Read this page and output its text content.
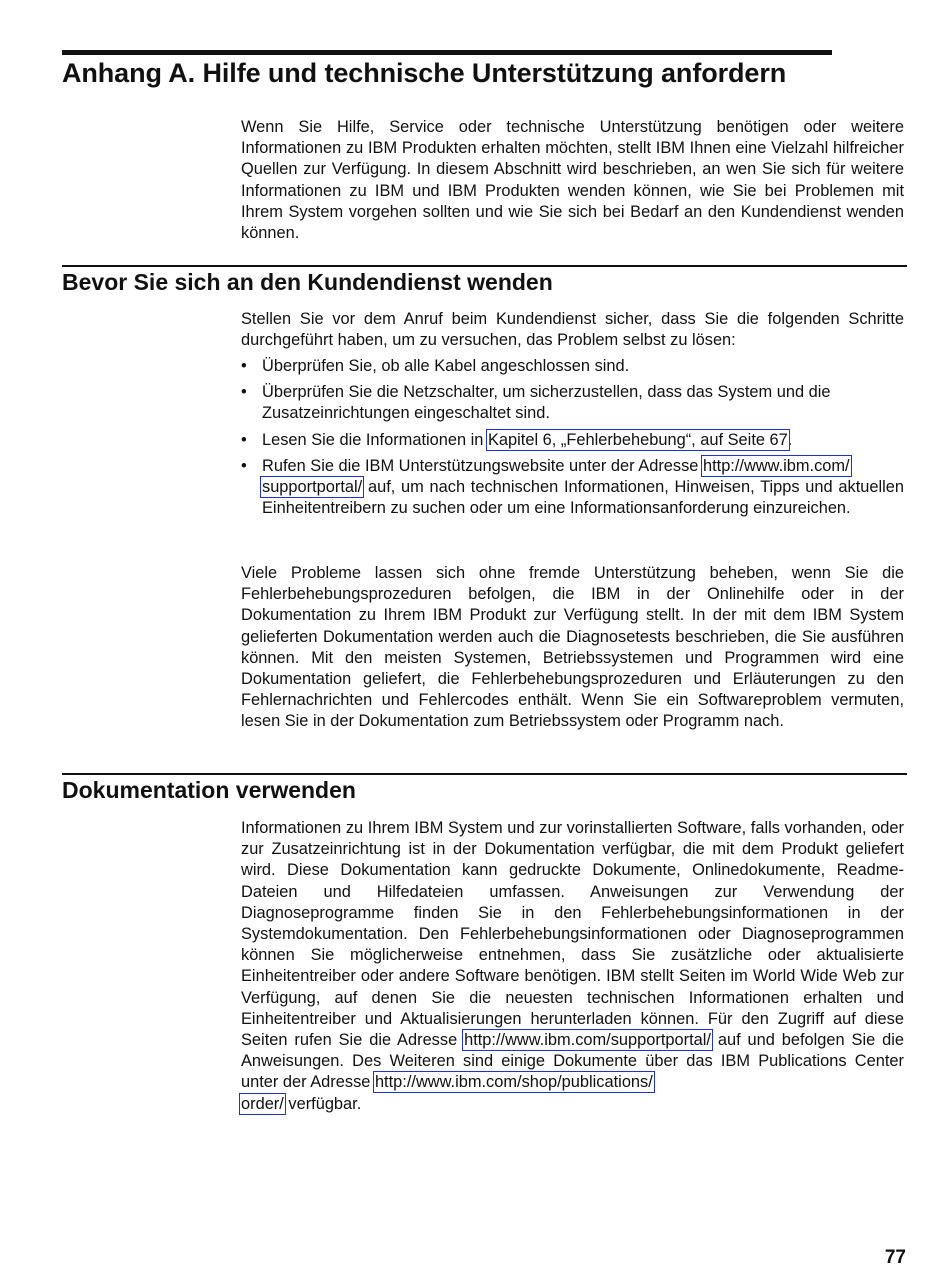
Anhang A. Hilfe und technische Unterstützung anfordern

Wenn Sie Hilfe, Service oder technische Unterstützung benötigen oder weitere Informationen zu IBM Produkten erhalten möchten, stellt IBM Ihnen eine Vielzahl hilfreicher Quellen zur Verfügung. In diesem Abschnitt wird beschrieben, an wen Sie sich für weitere Informationen zu IBM und IBM Produkten wenden können, wie Sie bei Problemen mit Ihrem System vorgehen sollten und wie Sie sich bei Bedarf an den Kundendienst wenden können.

Bevor Sie sich an den Kundendienst wenden

Stellen Sie vor dem Anruf beim Kundendienst sicher, dass Sie die folgenden Schritte durchgeführt haben, um zu versuchen, das Problem selbst zu lösen:

• Überprüfen Sie, ob alle Kabel angeschlossen sind.
• Überprüfen Sie die Netzschalter, um sicherzustellen, dass das System und die Zusatzeinrichtungen eingeschaltet sind.
• Lesen Sie die Informationen in Kapitel 6, „Fehlerbehebung“, auf Seite 67.
• Rufen Sie die IBM Unterstützungswebsite unter der Adresse http://www.ibm.com/
supportportal/ auf, um nach technischen Informationen, Hinweisen, Tipps und aktuellen Einheitentreibern zu suchen oder um eine Informationsanforderung einzureichen.

Viele Probleme lassen sich ohne fremde Unterstützung beheben, wenn Sie die Fehlerbehebungsprozeduren befolgen, die IBM in der Onlinehilfe oder in der Dokumentation zu Ihrem IBM Produkt zur Verfügung stellt. In der mit dem IBM System gelieferten Dokumentation werden auch die Diagnosetests beschrieben, die Sie ausführen können. Mit den meisten Systemen, Betriebssystemen und Programmen wird eine Dokumentation geliefert, die Fehlerbehebungsprozeduren und Erläuterungen zu den Fehlernachrichten und Fehlercodes enthält. Wenn Sie ein Softwareproblem vermuten, lesen Sie in der Dokumentation zum Betriebssystem oder Programm nach.

Dokumentation verwenden

Informationen zu Ihrem IBM System und zur vorinstallierten Software, falls vorhanden, oder zur Zusatzeinrichtung ist in der Dokumentation verfügbar, die mit dem Produkt geliefert wird. Diese Dokumentation kann gedruckte Dokumente, Onlinedokumente, Readme-Dateien und Hilfedateien umfassen. Anweisungen zur Verwendung der Diagnoseprogramme finden Sie in den Fehlerbehebungsinformationen in der Systemdokumentation. Den Fehlerbehebungsinformationen oder Diagnoseprogrammen können Sie möglicherweise entnehmen, dass Sie zusätzliche oder aktualisierte Einheitentreiber oder andere Software benötigen. IBM stellt Seiten im World Wide Web zur Verfügung, auf denen Sie die neuesten technischen Informationen erhalten und Einheitentreiber und Aktualisierungen herunterladen können. Für den Zugriff auf diese Seiten rufen Sie die Adresse http://www.ibm.com/supportportal/ auf und befolgen Sie die Anweisungen. Des Weiteren sind einige Dokumente über das IBM Publications Center unter der Adresse http://www.ibm.com/shop/publications/
order/ verfügbar.

77
